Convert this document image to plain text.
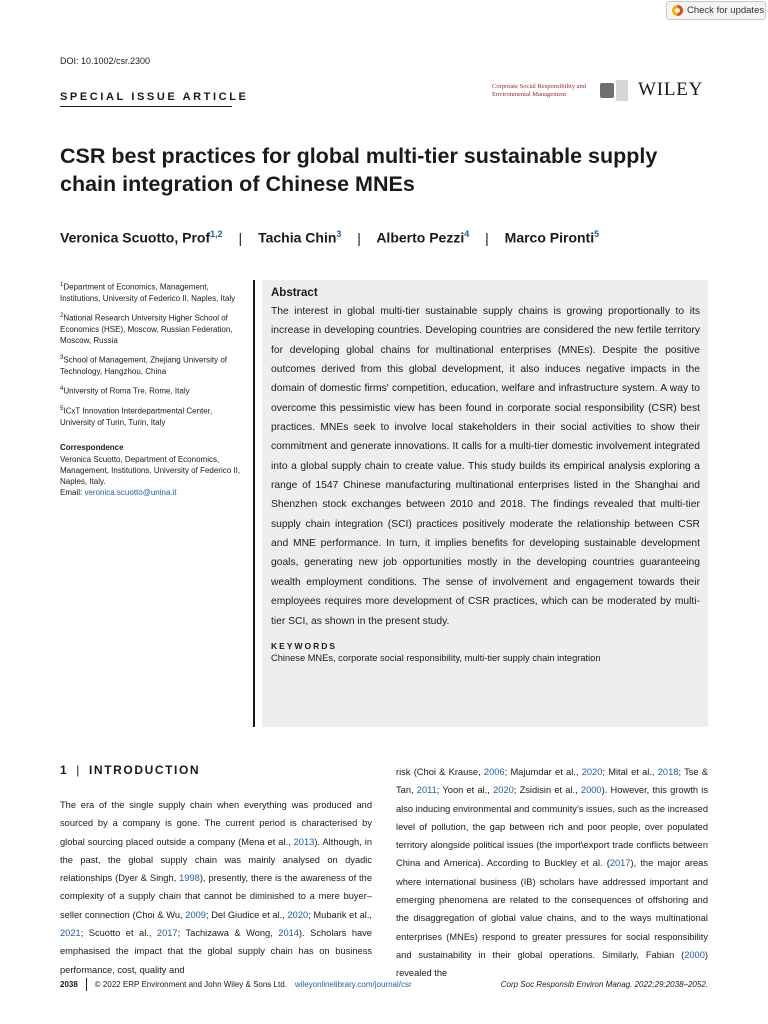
Check for updates
DOI: 10.1002/csr.2300
SPECIAL ISSUE ARTICLE
Corporate Social Responsibility and Environmental Management	WILEY
CSR best practices for global multi-tier sustainable supply chain integration of Chinese MNEs
Veronica Scuotto, Prof$^{1,2}$ | Tachia Chin$^3$ | Alberto Pezzi$^4$ | Marco Pironti$^5$

$^1$Department of Economics, Management, Institutions, University of Federico II, Naples, Italy

$^2$National Research University Higher School of Economics (HSE), Moscow, Russian Federation, Moscow, Russia

$^3$School of Management, Zhejiang University of Technology, Hangzhou, China

$^4$University of Roma Tre, Rome, Italy

$^5$ICxT Innovation Interdepartmental Center, University of Turin, Turin, Italy

Correspondence
Veronica Scuotto, Department of Economics, Management, Institutions, University of Federico II, Naples, Italy.
Email: veronica.scuotto@unina.it
Abstract

The interest in global multi-tier sustainable supply chains is growing proportionally to its increase in developing countries. Developing countries are considered the new fertile territory for developing global chains for multinational enterprises (MNEs). Despite the positive outcomes derived from this global development, it also induces negative impacts in the domain of domestic firms' competition, education, welfare and infrastructure system. A way to overcome this pessimistic view has been found in corporate social responsibility (CSR) best practices. MNEs seek to involve local stakeholders in their social activities to show their commitment and generate innovations. It calls for a multi-tier domestic involvement integrated into a global supply chain to create value. This study builds its empirical analysis exploring a range of 1547 Chinese manufacturing multinational enterprises listed in the Shanghai and Shenzhen stock exchanges between 2010 and 2018. The findings revealed that multi-tier supply chain integration (SCI) practices positively moderate the relationship between CSR and MNE performance. In turn, it implies benefits for developing sustainable development goals, generating new job opportunities mostly in the developing countries guaranteeing wealth employment conditions. The sense of involvement and engagement towards their employees requires more development of CSR practices, which can be moderated by multi-tier SCI, as shown in the present study.

KEYWORDS
Chinese MNEs, corporate social responsibility, multi-tier supply chain integration
1 | INTRODUCTION

The era of the single supply chain when everything was produced and sourced by a company is gone. The current period is characterised by global sourcing placed outside a company (Mena et al., 2013). Although, in the past, the global supply chain was mainly analysed on dyadic relationships (Dyer & Singh, 1998), presently, there is the awareness of the complexity of a supply chain that cannot be diminished to a mere buyer–seller connection (Choi & Wu, 2009; Del Giudice et al., 2020; Mubarik et al., 2021; Scuotto et al., 2017; Tachizawa & Wong, 2014). Scholars have emphasised the impact that the global supply chain has on business performance, cost, quality and

risk (Choi & Krause, 2006; Majumdar et al., 2020; Mital et al., 2018; Tse & Tan, 2011; Yoon et al., 2020; Zsidisin et al., 2000). However, this growth is also inducing environmental and community's issues, such as the increased level of pollution, the gap between rich and poor people, over populated territory alongside political issues (the import\export trade conflicts between China and America). According to Buckley et al. (2017), the major areas where international business (IB) scholars have addressed important and emerging phenomena are related to the consequences of offshoring and the disaggregation of global value chains, and to the ways multinational enterprises (MNEs) respond to greater pressures for social responsibility and sustainability in their global operations. Similarly, Fabian (2000) revealed the

2038 © 2022 ERP Environment and John Wiley & Sons Ltd. wileyonlinelibrary.com/journal/csr	Corp Soc Responsib Environ Manag. 2022;29:2038–2052.
